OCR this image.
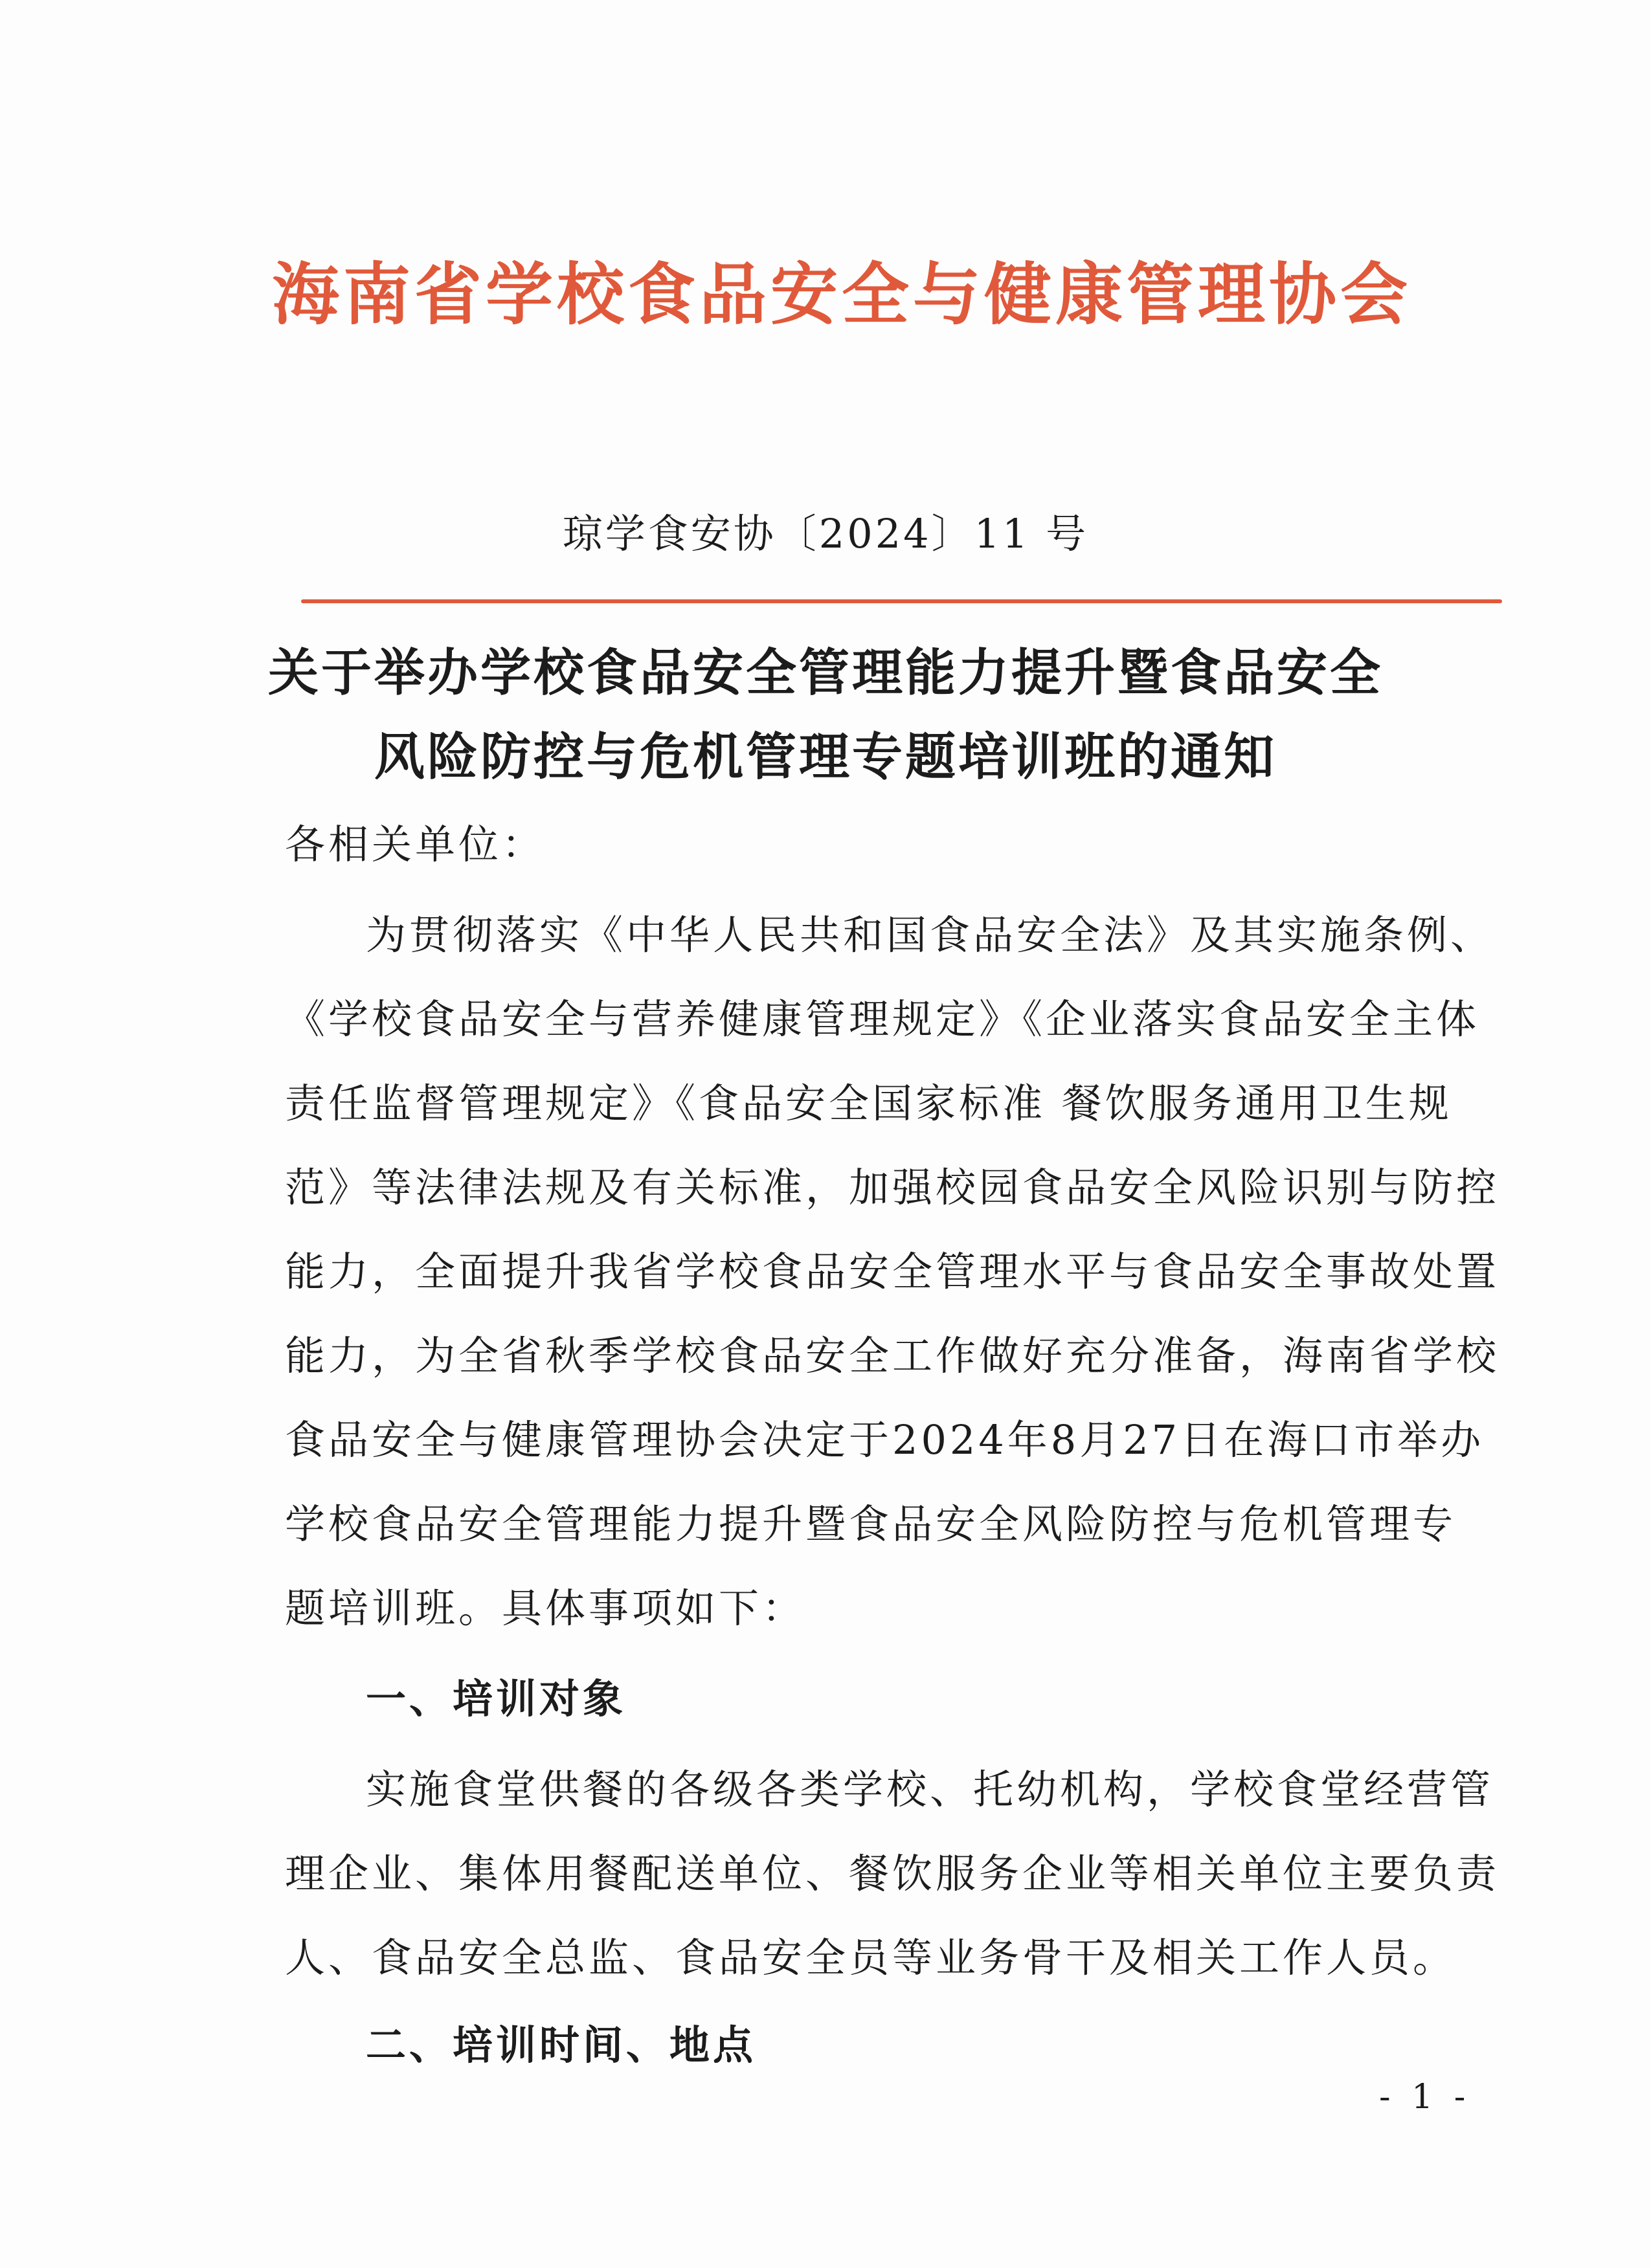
海南省学校食品安全与健康管理协会
琼学食安协〔2024〕11 号
关于举办学校食品安全管理能力提升暨食品安全
风险防控与危机管理专题培训班的通知
各相关单位：
为贯彻落实《中华人民共和国食品安全法》及其实施条例、
《学校食品安全与营养健康管理规定》《企业落实食品安全主体
责任监督管理规定》《食品安全国家标准 餐饮服务通用卫生规
范》等法律法规及有关标准，加强校园食品安全风险识别与防控
能力，全面提升我省学校食品安全管理水平与食品安全事故处置
能力，为全省秋季学校食品安全工作做好充分准备，海南省学校
食品安全与健康管理协会决定于2024年8月27日在海口市举办
学校食品安全管理能力提升暨食品安全风险防控与危机管理专
题培训班。具体事项如下：
一、培训对象
实施食堂供餐的各级各类学校、托幼机构，学校食堂经营管
理企业、集体用餐配送单位、餐饮服务企业等相关单位主要负责
人、食品安全总监、食品安全员等业务骨干及相关工作人员。
二、培训时间、地点
- 1 -
